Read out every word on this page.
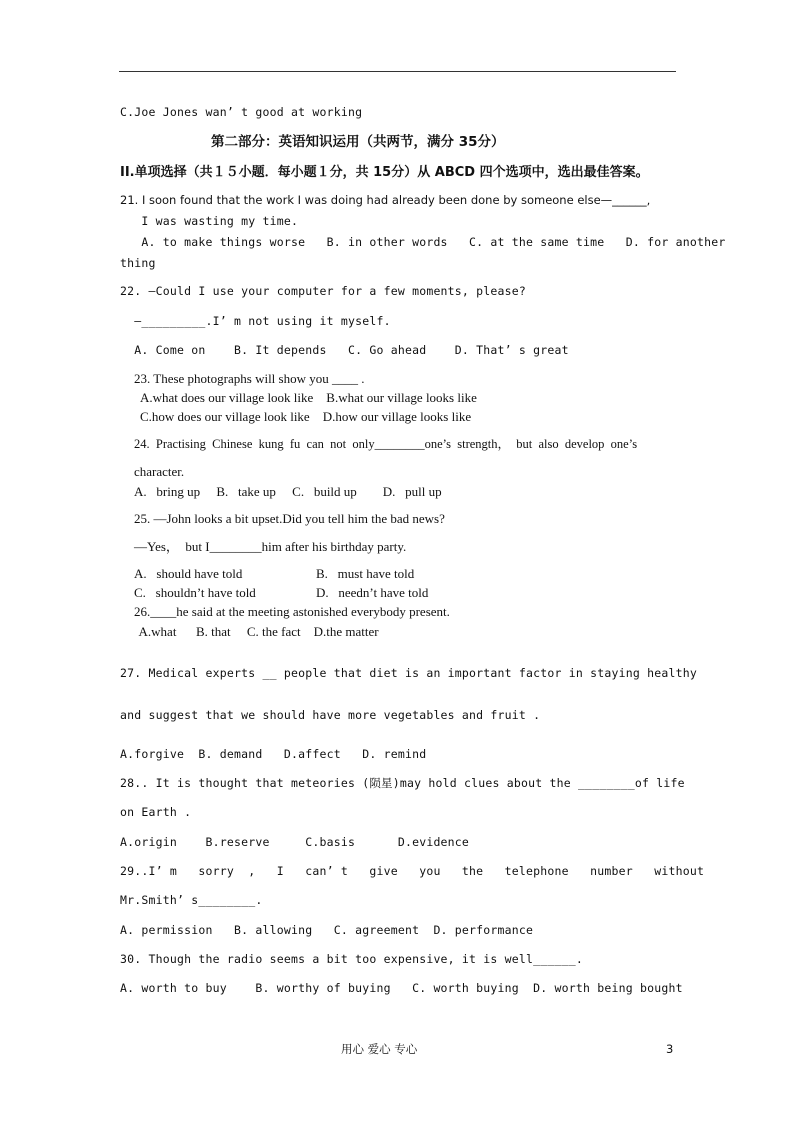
C.Joe Jones wan’ t good at working
第二部分：英语知识运用（共两节，满分 35分）
II.单项选择（共１５小题．每小题１分，共 15分）从 ABCD 四个选项中，选出最佳答案。
21. I soon found that the work I was doing had already been done by someone else—______,
I was wasting my time.
A. to make things worse   B. in other words   C. at the same time   D. for another
thing
22. —Could I use your computer for a few moments, please?
—_________.I’ m not using it myself.
A. Come on    B. It depends   C. Go ahead    D. That’ s great
23. These photographs will show you ____ .
A.what does our village look like    B.what our village looks like
C.how does our village look like    D.how our village looks like
24.  Practising  Chinese  kung  fu  can  not  only________one’s  strength，  but  also  develop  one’s
character.
A.   bring up     B.   take up     C.   build up        D.   pull up
25. —John looks a bit upset.Did you tell him the bad news?
—Yes，  but I________him after his birthday party.
A.   should have told	B.   must have told
C.   shouldn’t have told	D.   needn’t have told
26.____he said at the meeting astonished everybody present.
A.what      B. that     C. the fact    D.the matter
27. Medical experts __ people that diet is an important factor in staying healthy
and suggest that we should have more vegetables and fruit .
A.forgive  B. demand   D.affect   D. remind
28.. It is thought that meteories (陨星)may hold clues about the ________of life
on Earth .
A.origin    B.reserve     C.basis      D.evidence
29..I’ m   sorry  ,   I   can’ t   give   you   the   telephone   number   without
Mr.Smith’ s________.
A. permission   B. allowing   C. agreement  D. performance
30. Though the radio seems a bit too expensive, it is well______.
A. worth to buy    B. worthy of buying   C. worth buying  D. worth being bought
用心 爱心 专心	3
